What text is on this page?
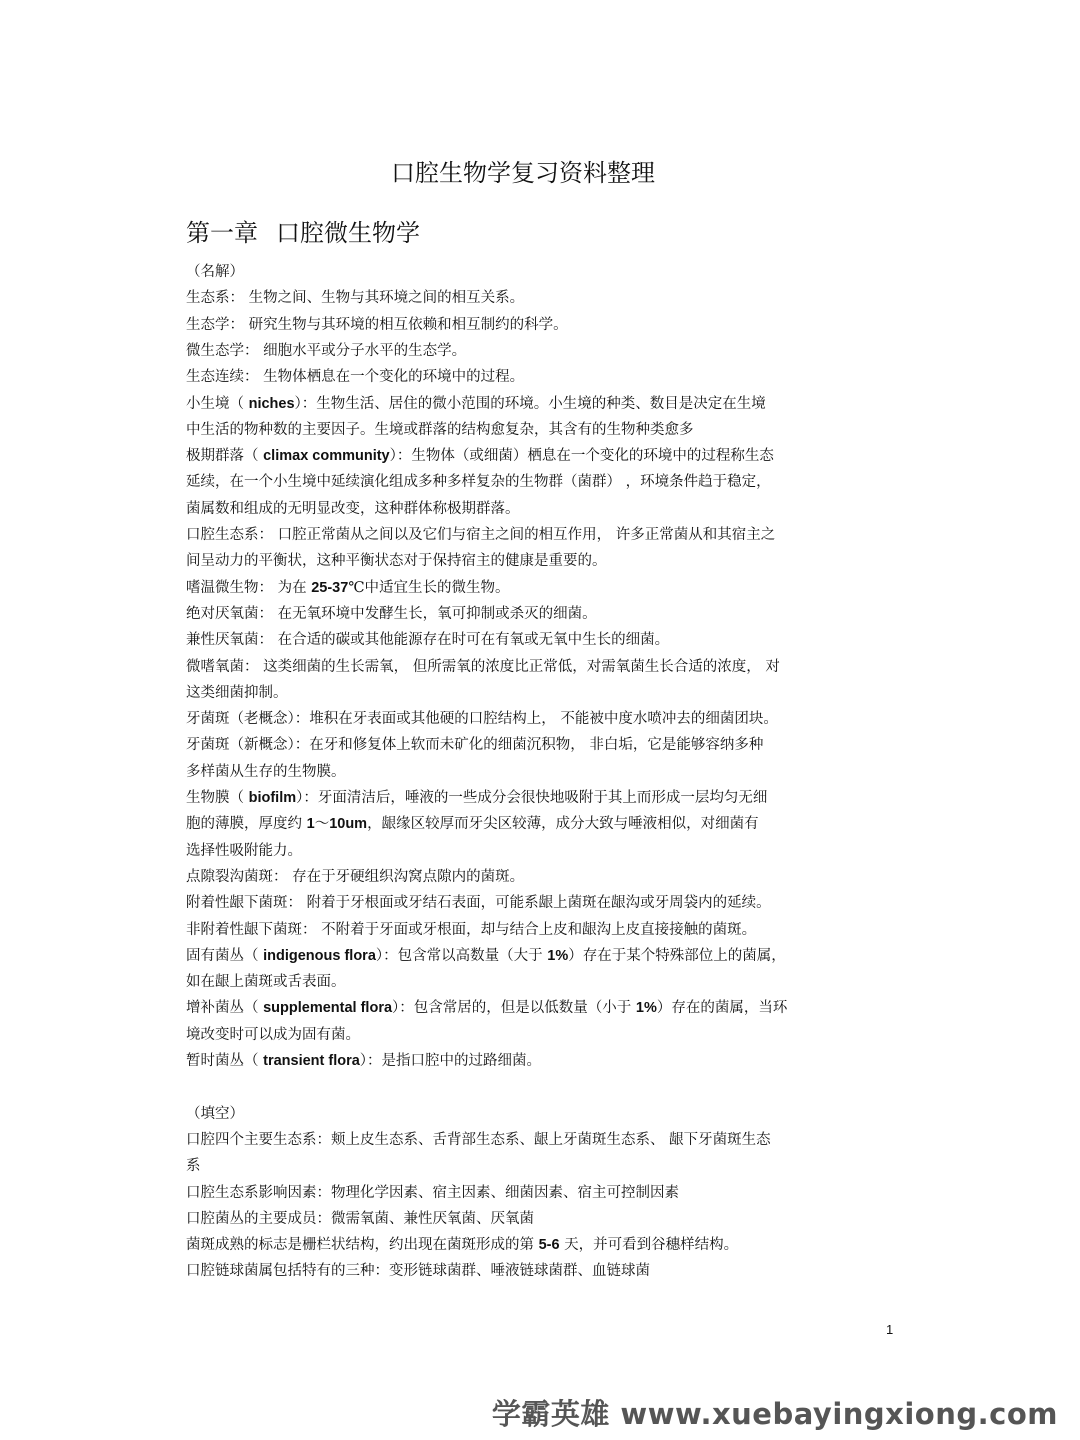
口腔生物学复习资料整理
第一章 口腔微生物学
（名解）
生态系： 生物之间、生物与其环境之间的相互关系。
生态学： 研究生物与其环境的相互依赖和相互制约的科学。
微生态学： 细胞水平或分子水平的生态学。
生态连续： 生物体栖息在一个变化的环境中的过程。
小生境（ niches）：生物生活、居住的微小范围的环境。小生境的种类、数目是决定在生境
中生活的物种数的主要因子。生境或群落的结构愈复杂，其含有的生物种类愈多
极期群落（ climax community）：生物体（或细菌）栖息在一个变化的环境中的过程称生态
延续，在一个小生境中延续演化组成多种多样复杂的生物群（菌群） ，环境条件趋于稳定，
菌属数和组成的无明显改变，这种群体称极期群落。
口腔生态系： 口腔正常菌从之间以及它们与宿主之间的相互作用， 许多正常菌从和其宿主之
间呈动力的平衡状，这种平衡状态对于保持宿主的健康是重要的。
嗜温微生物： 为在 25-37℃中适宜生长的微生物。
绝对厌氧菌： 在无氧环境中发酵生长，氧可抑制或杀灭的细菌。
兼性厌氧菌： 在合适的碳或其他能源存在时可在有氧或无氧中生长的细菌。
微嗜氧菌： 这类细菌的生长需氧， 但所需氧的浓度比正常低，对需氧菌生长合适的浓度， 对
这类细菌抑制。
牙菌斑（老概念）：堆积在牙表面或其他硬的口腔结构上， 不能被中度水喷冲去的细菌团块。
牙菌斑（新概念）：在牙和修复体上软而未矿化的细菌沉积物， 非白垢，它是能够容纳多种
多样菌从生存的生物膜。
生物膜（ biofilm）：牙面清洁后，唾液的一些成分会很快地吸附于其上而形成一层均匀无细
胞的薄膜，厚度约 1～10um，龈缘区较厚而牙尖区较薄，成分大致与唾液相似，对细菌有
选择性吸附能力。
点隙裂沟菌斑： 存在于牙硬组织沟窝点隙内的菌斑。
附着性龈下菌斑： 附着于牙根面或牙结石表面，可能系龈上菌斑在龈沟或牙周袋内的延续。
非附着性龈下菌斑： 不附着于牙面或牙根面，却与结合上皮和龈沟上皮直接接触的菌斑。
固有菌丛（ indigenous flora）：包含常以高数量（大于 1%）存在于某个特殊部位上的菌属，
如在龈上菌斑或舌表面。
增补菌丛（ supplemental flora）：包含常居的，但是以低数量（小于 1%）存在的菌属，当环
境改变时可以成为固有菌。
暂时菌丛（ transient flora）：是指口腔中的过路细菌。
（填空）
口腔四个主要生态系：颊上皮生态系、舌背部生态系、龈上牙菌斑生态系、 龈下牙菌斑生态
系
口腔生态系影响因素：物理化学因素、宿主因素、细菌因素、宿主可控制因素
口腔菌丛的主要成员：微需氧菌、兼性厌氧菌、厌氧菌
菌斑成熟的标志是栅栏状结构，约出现在菌斑形成的第 5-6 天，并可看到谷穗样结构。
口腔链球菌属包括特有的三种：变形链球菌群、唾液链球菌群、血链球菌
1
学霸英雄 www.xuebayingxiong.com
